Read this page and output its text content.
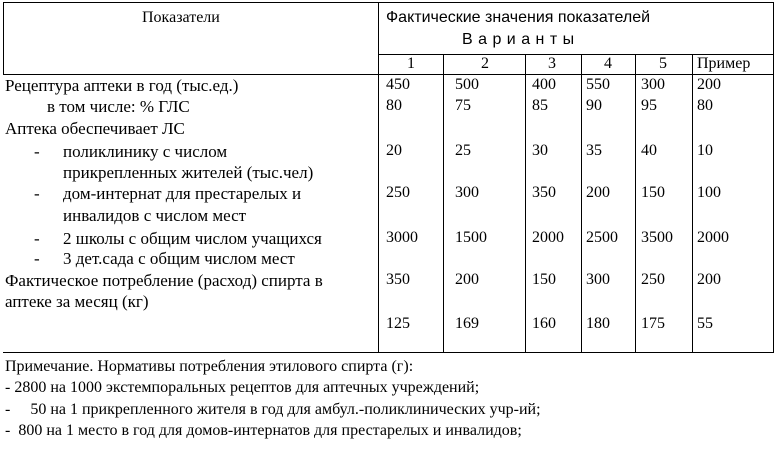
Показатели	Фактические значения показателей
В а р и а н т ы
1	2	3	4	5 Пример
Рецептура аптеки в год (тыс.ед.)	450	500	400 550 300 200
в том числе: % ГЛС	80	75	85 90 95	80
Аптека обеспечивает ЛС
- поликлинику с числом
прикрепленных жителей (тыс.чел)
20	25	30 35 40	10
- дом-интернат для престарелых и
инвалидов с числом мест
250	300	350 200 150 100
- 2 школы с общим числом учащихся	3000 1500	2000 2500 3500 2000
- 3 дет.сада с общим числом мест
Фактическое потребление (расход) спирта в
аптеке за месяц (кг)
350	200	150 300 250 200
125	169	160 180 175 55
Примечание. Нормативы потребления этилового спирта (г):
- 2800 на 1000 экстемпоральных рецептов для аптечных учреждений;
-     50 на 1 прикрепленного жителя в год для амбул.-поликлинических учр-ий;
-  800 на 1 место в год для домов-интернатов для престарелых и инвалидов;
